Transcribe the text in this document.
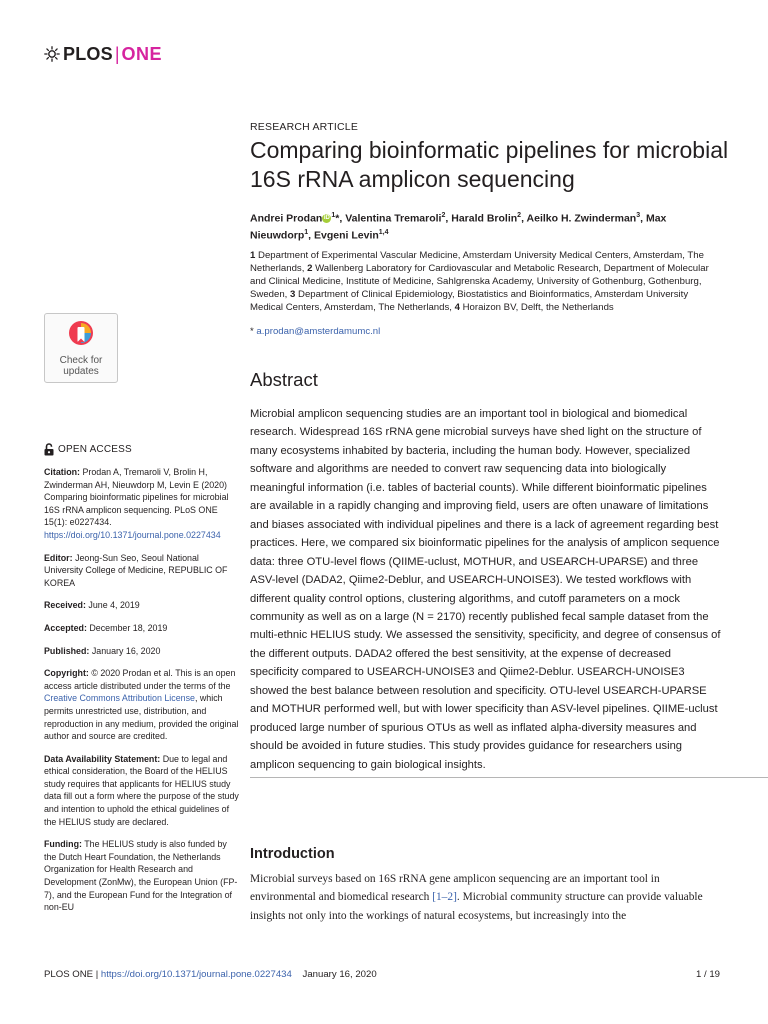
PLOS | ONE
RESEARCH ARTICLE
Comparing bioinformatic pipelines for microbial 16S rRNA amplicon sequencing
Andrei Prodan iD $^1$*, Valentina Tremaroli$^2$, Harald Brolin$^2$, Aeilko H. Zwinderman$^3$, Max Nieuwdorp$^1$, Evgeni Levin$^{1,4}$
1 Department of Experimental Vascular Medicine, Amsterdam University Medical Centers, Amsterdam, The Netherlands, 2 Wallenberg Laboratory for Cardiovascular and Metabolic Research, Department of Molecular and Clinical Medicine, Institute of Medicine, Sahlgrenska Academy, University of Gothenburg, Gothenburg, Sweden, 3 Department of Clinical Epidemiology, Biostatistics and Bioinformatics, Amsterdam University Medical Centers, Amsterdam, The Netherlands, 4 Horaizon BV, Delft, the Netherlands
* a.prodan@amsterdamumc.nl
Abstract
Microbial amplicon sequencing studies are an important tool in biological and biomedical research. Widespread 16S rRNA gene microbial surveys have shed light on the structure of many ecosystems inhabited by bacteria, including the human body. However, specialized software and algorithms are needed to convert raw sequencing data into biologically meaningful information (i.e. tables of bacterial counts). While different bioinformatic pipelines are available in a rapidly changing and improving field, users are often unaware of limitations and biases associated with individual pipelines and there is a lack of agreement regarding best practices. Here, we compared six bioinformatic pipelines for the analysis of amplicon sequence data: three OTU-level flows (QIIME-uclust, MOTHUR, and USEARCH-UPARSE) and three ASV-level (DADA2, Qiime2-Deblur, and USEARCH-UNOISE3). We tested workflows with different quality control options, clustering algorithms, and cutoff parameters on a mock community as well as on a large (N = 2170) recently published fecal sample dataset from the multi-ethnic HELIUS study. We assessed the sensitivity, specificity, and degree of consensus of the different outputs. DADA2 offered the best sensitivity, at the expense of decreased specificity compared to USEARCH-UNOISE3 and Qiime2-Deblur. USEARCH-UNOISE3 showed the best balance between resolution and specificity. OTU-level USEARCH-UPARSE and MOTHUR performed well, but with lower specificity than ASV-level pipelines. QIIME-uclust produced large number of spurious OTUs as well as inflated alpha-diversity measures and should be avoided in future studies. This study provides guidance for researchers using amplicon sequencing to gain biological insights.
Introduction
Microbial surveys based on 16S rRNA gene amplicon sequencing are an important tool in environmental and biomedical research [1–2]. Microbial community structure can provide valuable insights not only into the workings of natural ecosystems, but increasingly into the
Check for updates
OPEN ACCESS
Citation: Prodan A, Tremaroli V, Brolin H, Zwinderman AH, Nieuwdorp M, Levin E (2020) Comparing bioinformatic pipelines for microbial 16S rRNA amplicon sequencing. PLoS ONE 15(1): e0227434. https://doi.org/10.1371/journal.pone.0227434
Editor: Jeong-Sun Seo, Seoul National University College of Medicine, REPUBLIC OF KOREA
Received: June 4, 2019
Accepted: December 18, 2019
Published: January 16, 2020
Copyright: © 2020 Prodan et al. This is an open access article distributed under the terms of the Creative Commons Attribution License, which permits unrestricted use, distribution, and reproduction in any medium, provided the original author and source are credited.
Data Availability Statement: Due to legal and ethical consideration, the Board of the HELIUS study requires that applicants for HELIUS study data fill out a form where the purpose of the study and intention to uphold the ethical guidelines of the HELIUS study are declared.
Funding: The HELIUS study is also funded by the Dutch Heart Foundation, the Netherlands Organization for Health Research and Development (ZonMw), the European Union (FP-7), and the European Fund for the Integration of non-EU
PLOS ONE | https://doi.org/10.1371/journal.pone.0227434 January 16, 2020	1 / 19
